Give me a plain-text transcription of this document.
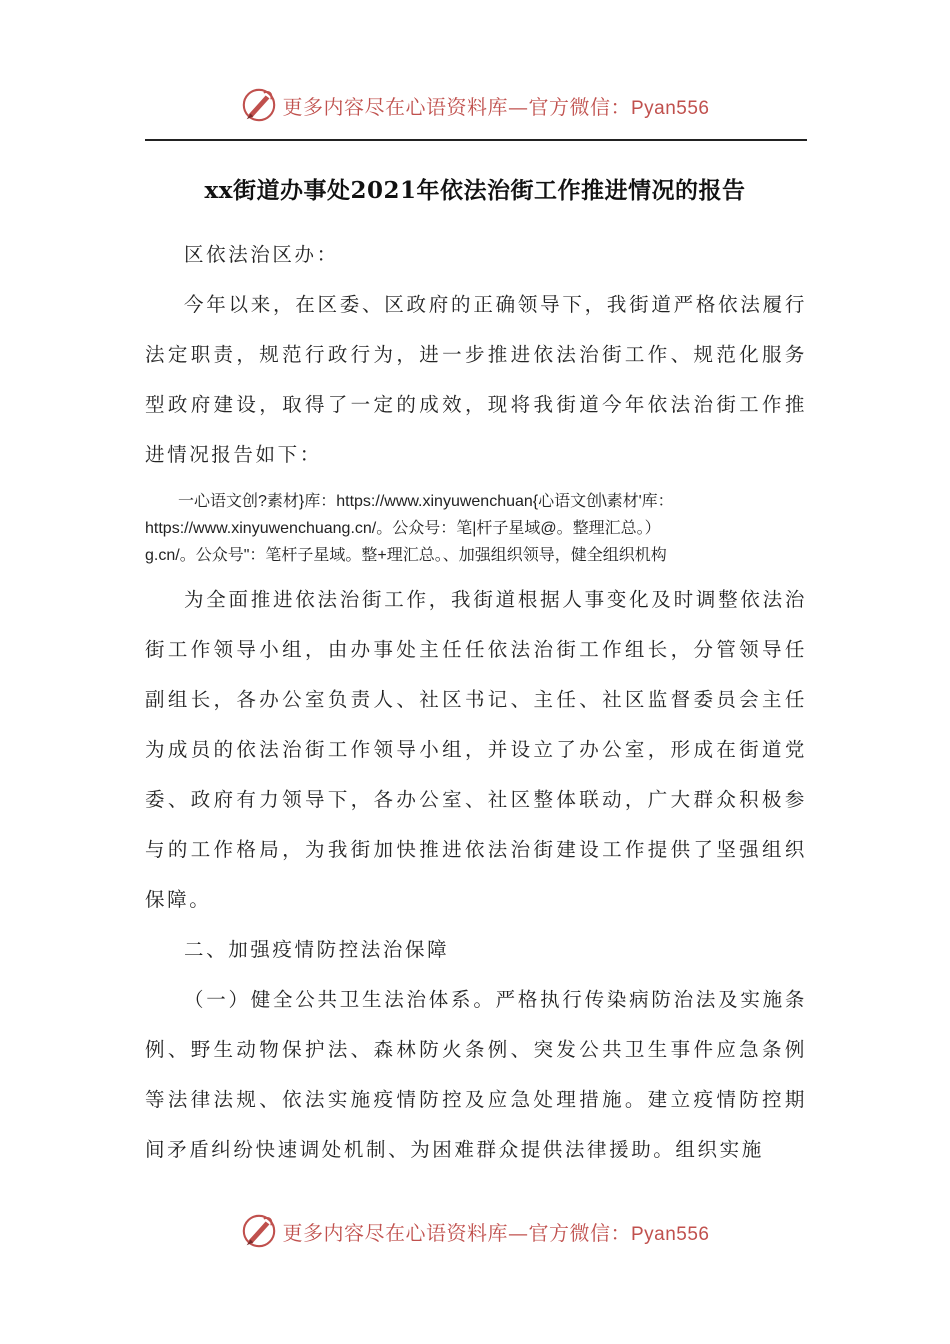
更多内容尽在心语资料库—官方微信：Pyan556
xx街道办事处2021年依法治街工作推进情况的报告

区依法治区办：

今年以来，在区委、区政府的正确领导下，我街道严格依法履行法定职责，规范行政行为，进一步推进依法治街工作、规范化服务型政府建设，取得了一定的成效，现将我街道今年依法治街工作推进情况报告如下：

一心语文创?素材}库：https://www.xinyuwenchuan{心语文创\素材'库：
https://www.xinyuwenchuang.cn/。公众号：笔|杆子星域@。整理汇总。）
g.cn/。公众号"：笔杆子星域。整+理汇总。、加强组织领导，健全组织机构

为全面推进依法治街工作，我街道根据人事变化及时调整依法治街工作领导小组，由办事处主任任依法治街工作组长，分管领导任副组长，各办公室负责人、社区书记、主任、社区监督委员会主任为成员的依法治街工作领导小组，并设立了办公室，形成在街道党委、政府有力领导下，各办公室、社区整体联动，广大群众积极参与的工作格局，为我街加快推进依法治街建设工作提供了坚强组织保障。

二、加强疫情防控法治保障

（一）健全公共卫生法治体系。严格执行传染病防治法及实施条例、野生动物保护法、森林防火条例、突发公共卫生事件应急条例等法律法规、依法实施疫情防控及应急处理措施。建立疫情防控期间矛盾纠纷快速调处机制、为困难群众提供法律援助。组织实施

更多内容尽在心语资料库—官方微信：Pyan556
